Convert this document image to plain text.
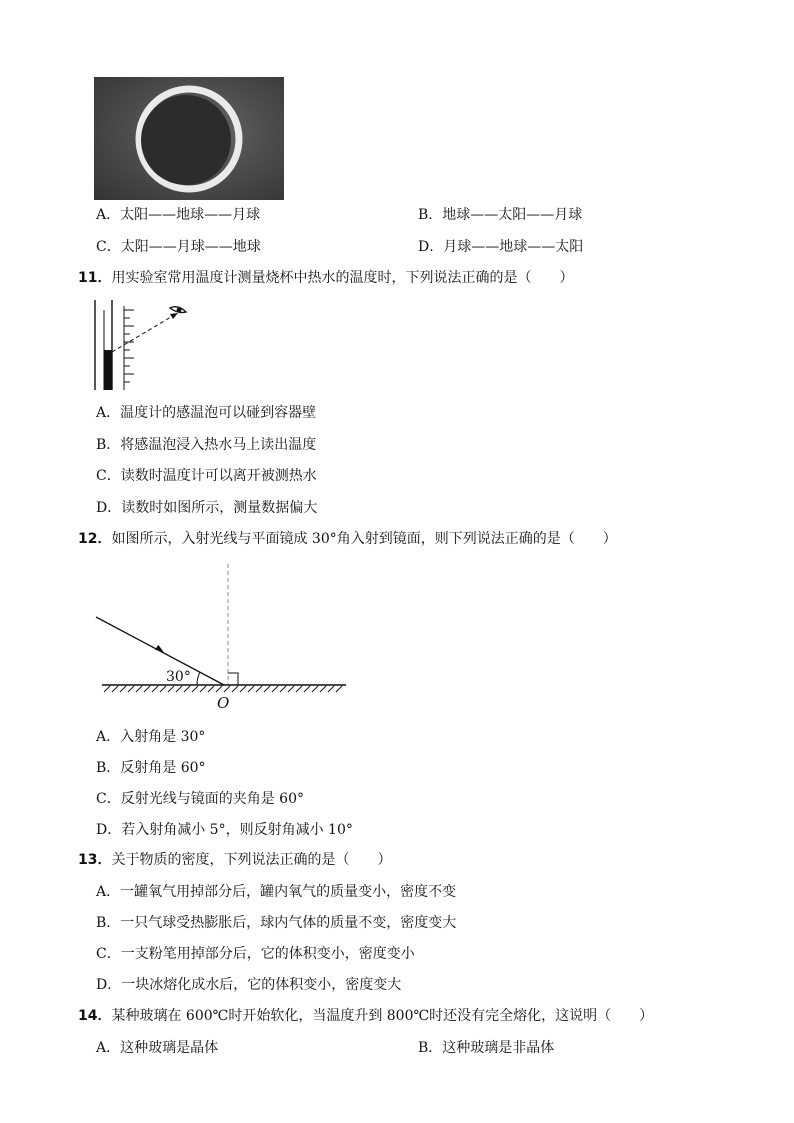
A．太阳——地球——月球	B．地球——太阳——月球
C．太阳——月球——地球	D．月球——地球——太阳
11．用实验室常用温度计测量烧杯中热水的温度时，下列说法正确的是（　　）
A．温度计的感温泡可以碰到容器壁
B．将感温泡浸入热水马上读出温度
C．读数时温度计可以离开被测热水
D．读数时如图所示，测量数据偏大
12．如图所示，入射光线与平面镜成 30°角入射到镜面，则下列说法正确的是（　　）
30°
O
A．入射角是 30°
B．反射角是 60°
C．反射光线与镜面的夹角是 60°
D．若入射角减小 5°，则反射角减小 10°
13．关于物质的密度，下列说法正确的是（　　）
A．一罐氧气用掉部分后，罐内氧气的质量变小，密度不变
B．一只气球受热膨胀后，球内气体的质量不变，密度变大
C．一支粉笔用掉部分后，它的体积变小，密度变小
D．一块冰熔化成水后，它的体积变小，密度变大
14．某种玻璃在 600℃时开始软化，当温度升到 800℃时还没有完全熔化，这说明（　　）
A．这种玻璃是晶体	B．这种玻璃是非晶体
